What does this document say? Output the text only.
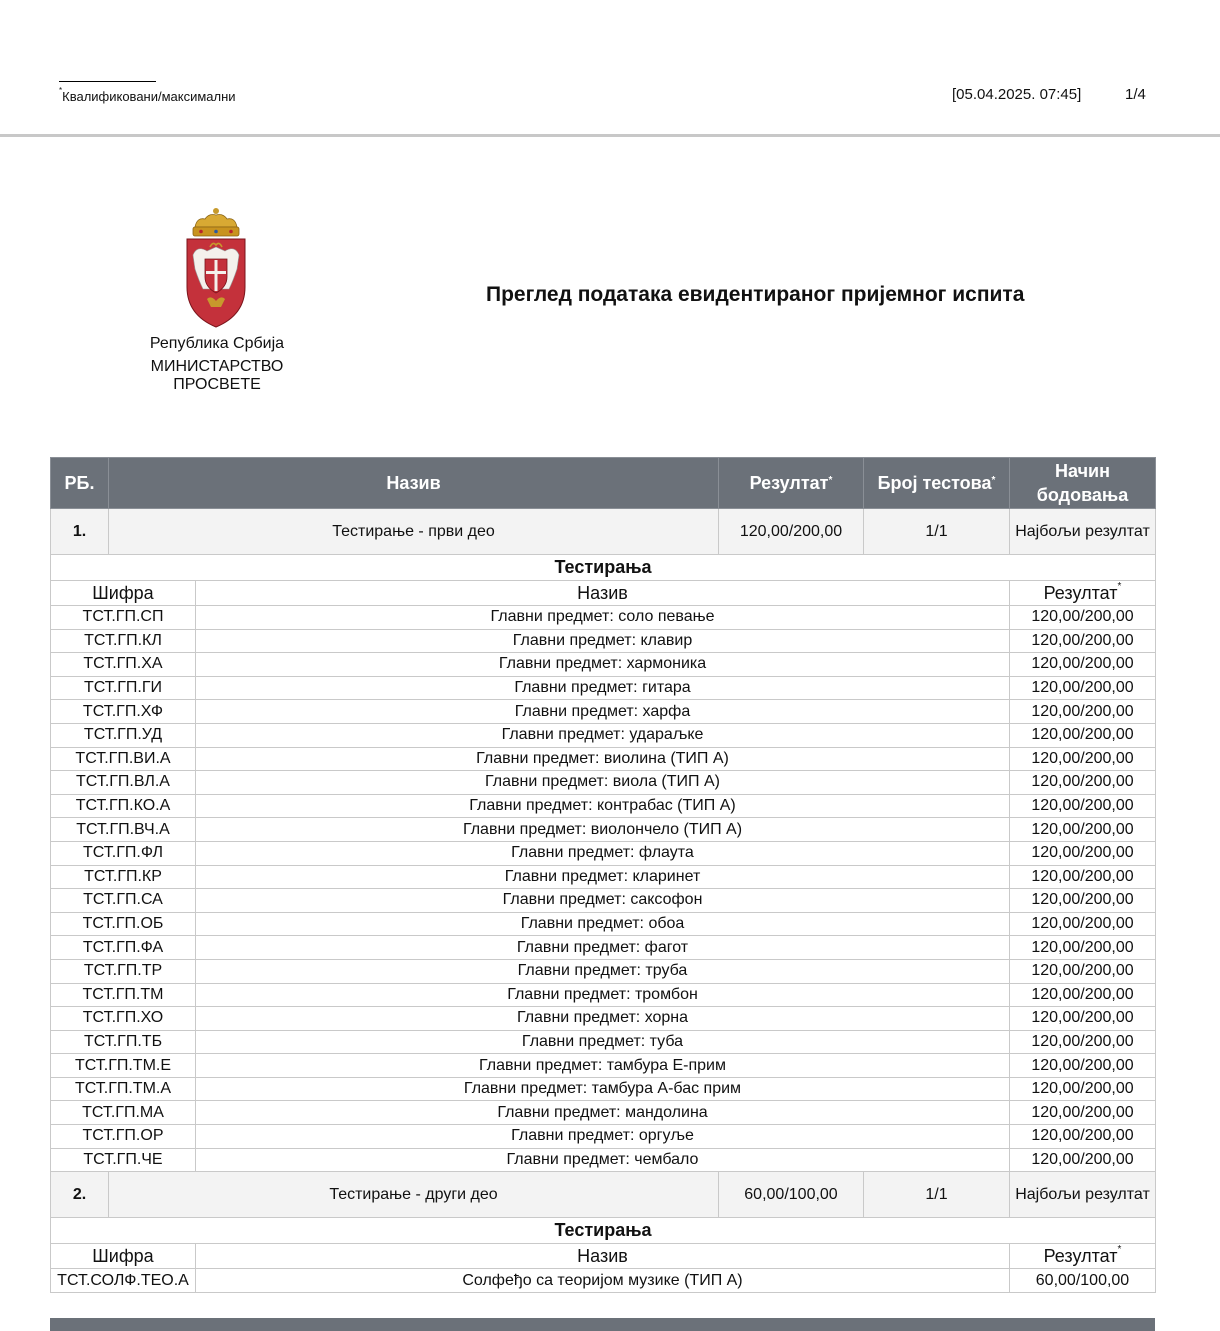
*Квалификовани/максимални	[05.04.2025. 07:45]	1/4
Република Србија
МИНИСТАРСТВО ПРОСВЕТЕ
Преглед података евидентираног пријемног испита
РБ.	Назив		Резултат*	Број тестова*	Начин бодовања
1.	Тестирање - први део		120,00/200,00	1/1	Најбољи резултат
Тестирања					
Шифра		Назив			Резултат*
ТСТ.ГП.СП		Главни предмет: соло певање			120,00/200,00
ТСТ.ГП.КЛ		Главни предмет: клавир			120,00/200,00
ТСТ.ГП.ХА		Главни предмет: хармоника			120,00/200,00
ТСТ.ГП.ГИ		Главни предмет: гитара			120,00/200,00
ТСТ.ГП.ХФ		Главни предмет: харфа			120,00/200,00
ТСТ.ГП.УД		Главни предмет: удараљке			120,00/200,00
ТСТ.ГП.ВИ.А		Главни предмет: виолина (ТИП А)			120,00/200,00
ТСТ.ГП.ВЛ.А		Главни предмет: виола (ТИП А)			120,00/200,00
ТСТ.ГП.КО.А		Главни предмет: контрабас (ТИП А)			120,00/200,00
ТСТ.ГП.ВЧ.А		Главни предмет: виолончело (ТИП А)			120,00/200,00
ТСТ.ГП.ФЛ		Главни предмет: флаута			120,00/200,00
ТСТ.ГП.КР		Главни предмет: кларинет			120,00/200,00
ТСТ.ГП.СА		Главни предмет: саксофон			120,00/200,00
ТСТ.ГП.ОБ		Главни предмет: обоа			120,00/200,00
ТСТ.ГП.ФА		Главни предмет: фагот			120,00/200,00
ТСТ.ГП.ТР		Главни предмет: труба			120,00/200,00
ТСТ.ГП.ТМ		Главни предмет: тромбон			120,00/200,00
ТСТ.ГП.ХО		Главни предмет: хорна			120,00/200,00
ТСТ.ГП.ТБ		Главни предмет: туба			120,00/200,00
ТСТ.ГП.ТМ.Е		Главни предмет: тамбура Е-прим			120,00/200,00
ТСТ.ГП.ТМ.А		Главни предмет: тамбура А-бас прим			120,00/200,00
ТСТ.ГП.МА		Главни предмет: мандолина			120,00/200,00
ТСТ.ГП.ОР		Главни предмет: оргуље			120,00/200,00
ТСТ.ГП.ЧЕ		Главни предмет: чембало			120,00/200,00
2.	Тестирање - други део		60,00/100,00	1/1	Најбољи резултат
Тестирања					
Шифра		Назив			Резултат*
ТСТ.СОЛФ.ТЕО.А		Солфеђо са теоријом музике (ТИП А)			60,00/100,00
